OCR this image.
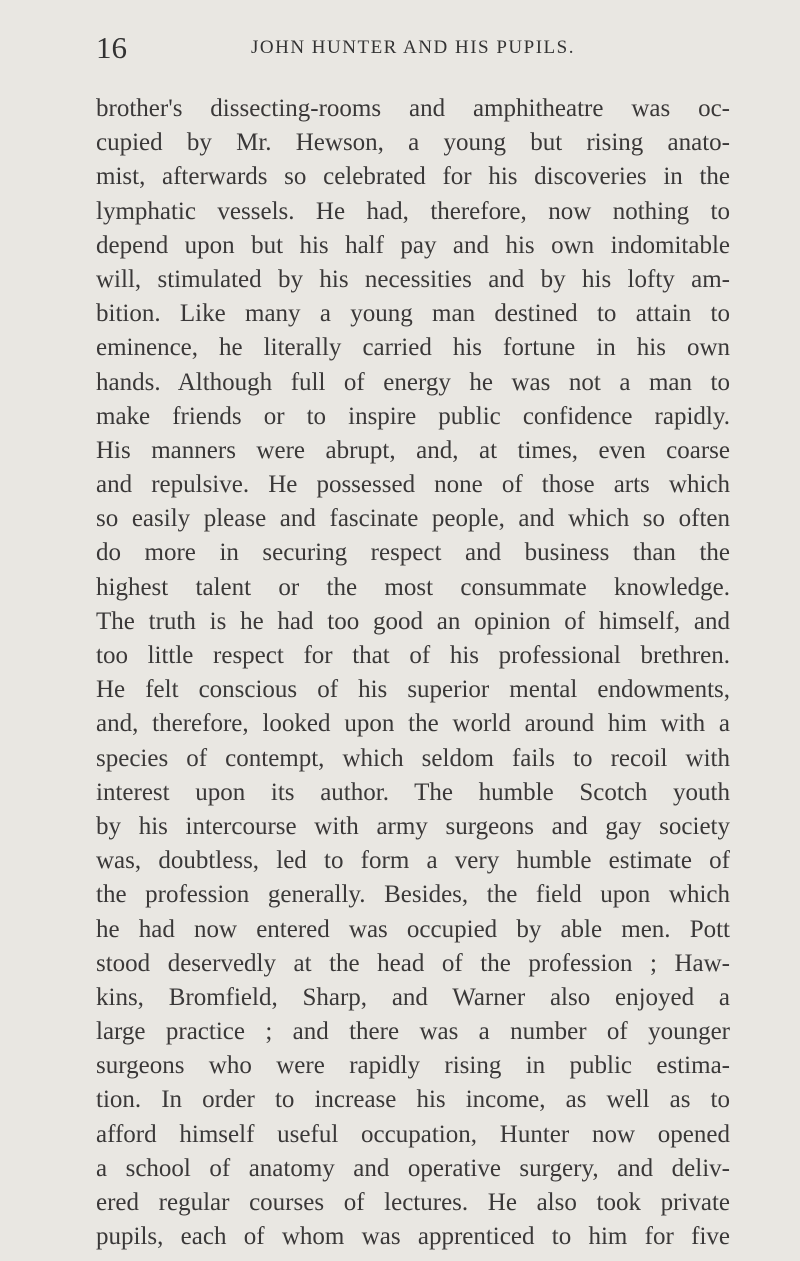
16	JOHN HUNTER AND HIS PUPILS.
brother's dissecting-rooms and amphitheatre was oc-
cupied by Mr. Hewson, a young but rising anato-
mist, afterwards so celebrated for his discoveries in the
lymphatic vessels. He had, therefore, now nothing to
depend upon but his half pay and his own indomitable
will, stimulated by his necessities and by his lofty am-
bition. Like many a young man destined to attain to
eminence, he literally carried his fortune in his own
hands. Although full of energy he was not a man to
make friends or to inspire public confidence rapidly.
His manners were abrupt, and, at times, even coarse
and repulsive. He possessed none of those arts which
so easily please and fascinate people, and which so often
do more in securing respect and business than the
highest talent or the most consummate knowledge.
The truth is he had too good an opinion of himself, and
too little respect for that of his professional brethren.
He felt conscious of his superior mental endowments,
and, therefore, looked upon the world around him with a
species of contempt, which seldom fails to recoil with
interest upon its author. The humble Scotch youth
by his intercourse with army surgeons and gay society
was, doubtless, led to form a very humble estimate of
the profession generally. Besides, the field upon which
he had now entered was occupied by able men. Pott
stood deservedly at the head of the profession ; Haw-
kins, Bromfield, Sharp, and Warner also enjoyed a
large practice ; and there was a number of younger
surgeons who were rapidly rising in public estima-
tion. In order to increase his income, as well as to
afford himself useful occupation, Hunter now opened
a school of anatomy and operative surgery, and deliv-
ered regular courses of lectures. He also took private
pupils, each of whom was apprenticed to him for five
